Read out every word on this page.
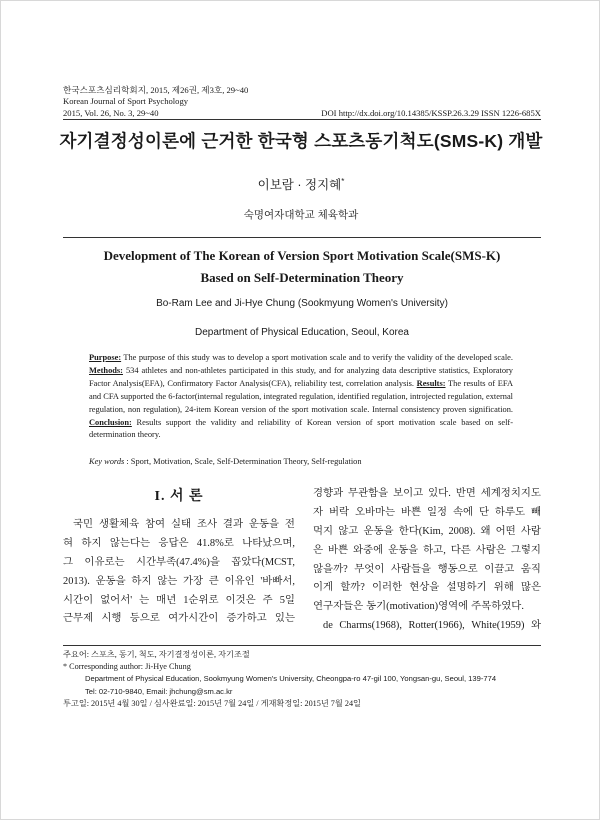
한국스포츠심리학회지, 2015, 제26권, 제3호, 29~40
Korean Journal of Sport Psychology
2015, Vol. 26, No. 3, 29~40	DOI http://dx.doi.org/10.14385/KSSP.26.3.29 ISSN 1226-685X
자기결정성이론에 근거한 한국형 스포츠동기척도(SMS-K) 개발
이보람 · 정지혜*
숙명여자대학교 체육학과
Development of The Korean of Version Sport Motivation Scale(SMS-K)
Based on Self-Determination Theory
Bo-Ram Lee and Ji-Hye Chung (Sookmyung Women's University)
Department of Physical Education, Seoul, Korea
Purpose: The purpose of this study was to develop a sport motivation scale and to verify the validity of the developed scale. Methods: 534 athletes and non-athletes participated in this study, and for analyzing data descriptive statistics, Exploratory Factor Analysis(EFA), Confirmatory Factor Analysis(CFA), reliability test, correlation analysis. Results: The results of EFA and CFA supported the 6-factor(internal regulation, integrated regulation, identified regulation, introjected regulation, external regulation, non regulation), 24-item Korean version of the sport motivation scale. Internal consistency proven signification. Conclusion: Results support the validity and reliability of Korean version of sport motivation scale based on self-determination theory.
Key words : Sport, Motivation, Scale, Self-Determination Theory, Self-regulation
I. 서 론
국민 생활체육 참여 실태 조사 결과 운동을 전
혀 하지 않는다는 응답은 41.8%로 나타났으며,
그 이유로는 시간부족(47.4%)을 꼽았다(MCST,
2013). 운동을 하지 않는 가장 큰 이유인 '바빠서,
시간이 없어서' 는 매년 1순위로 이것은 주 5일
근무제 시행 등으로 여가시간이 증가하고 있는
경향과 무관함을 보이고 있다. 반면 세계정치지도
자 버락 오바마는 바쁜 일정 속에 단 하루도 빼
먹지 않고 운동을 한다(Kim, 2008). 왜 어떤 사람
은 바쁜 와중에 운동을 하고, 다른 사람은 그렇지
않을까? 무엇이 사람들을 행동으로 이끌고 움직
이게 할까? 이러한 현상을 설명하기 위해 많은
연구자들은 동기(motivation)영역에 주목하였다.
de Charms(1968), Rotter(1966), White(1959) 와
주요어: 스포츠, 동기, 척도, 자기결정성이론, 자기조절
* Corresponding author: Ji-Hye Chung
Department of Physical Education, Sookmyung Women's University, Cheongpa-ro 47-gil 100, Yongsan-gu, Seoul, 139-774
Tel: 02-710-9840, Email: jhchung@sm.ac.kr
투고일: 2015년 4월 30일 / 심사완료일: 2015년 7월 24일 / 게재확정일: 2015년 7월 24일
